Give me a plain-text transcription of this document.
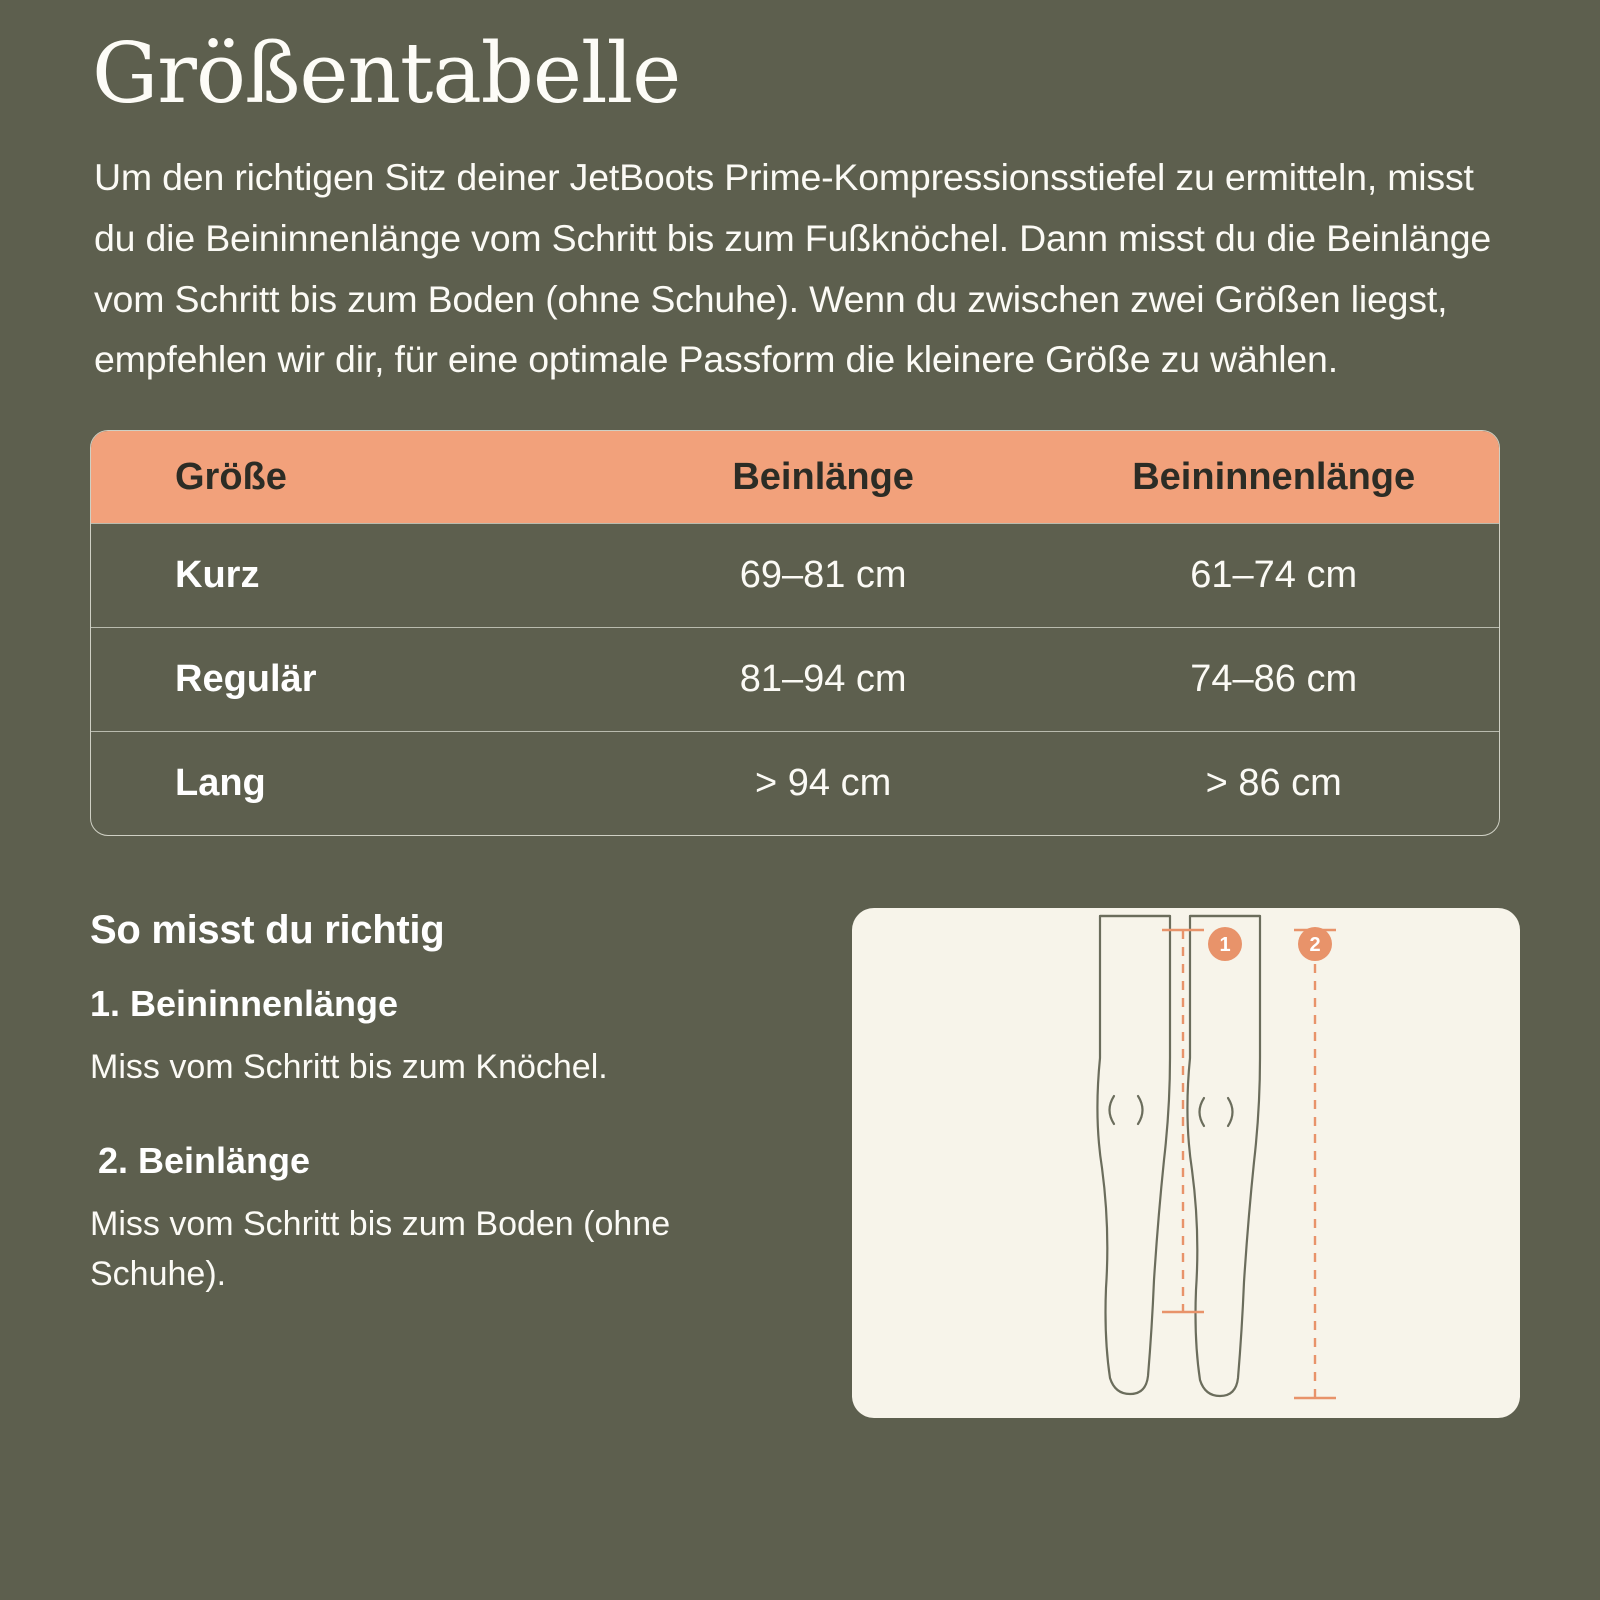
Größentabelle

Um den richtigen Sitz deiner JetBoots Prime-Kompressionsstiefel zu ermitteln, misst du die Beininnenlänge vom Schritt bis zum Fußknöchel. Dann misst du die Beinlänge vom Schritt bis zum Boden (ohne Schuhe). Wenn du zwischen zwei Größen liegst, empfehlen wir dir, für eine optimale Passform die kleinere Größe zu wählen.

Größe	Beinlänge	Beininnenlänge
Kurz	69–81 cm	61–74 cm
Regulär	81–94 cm	74–86 cm
Lang	> 94 cm	> 86 cm
So misst du richtig

1. Beininnenlänge

Miss vom Schritt bis zum Knöchel.

2. Beinlänge

Miss vom Schritt bis zum Boden (ohne Schuhe).

1	2
